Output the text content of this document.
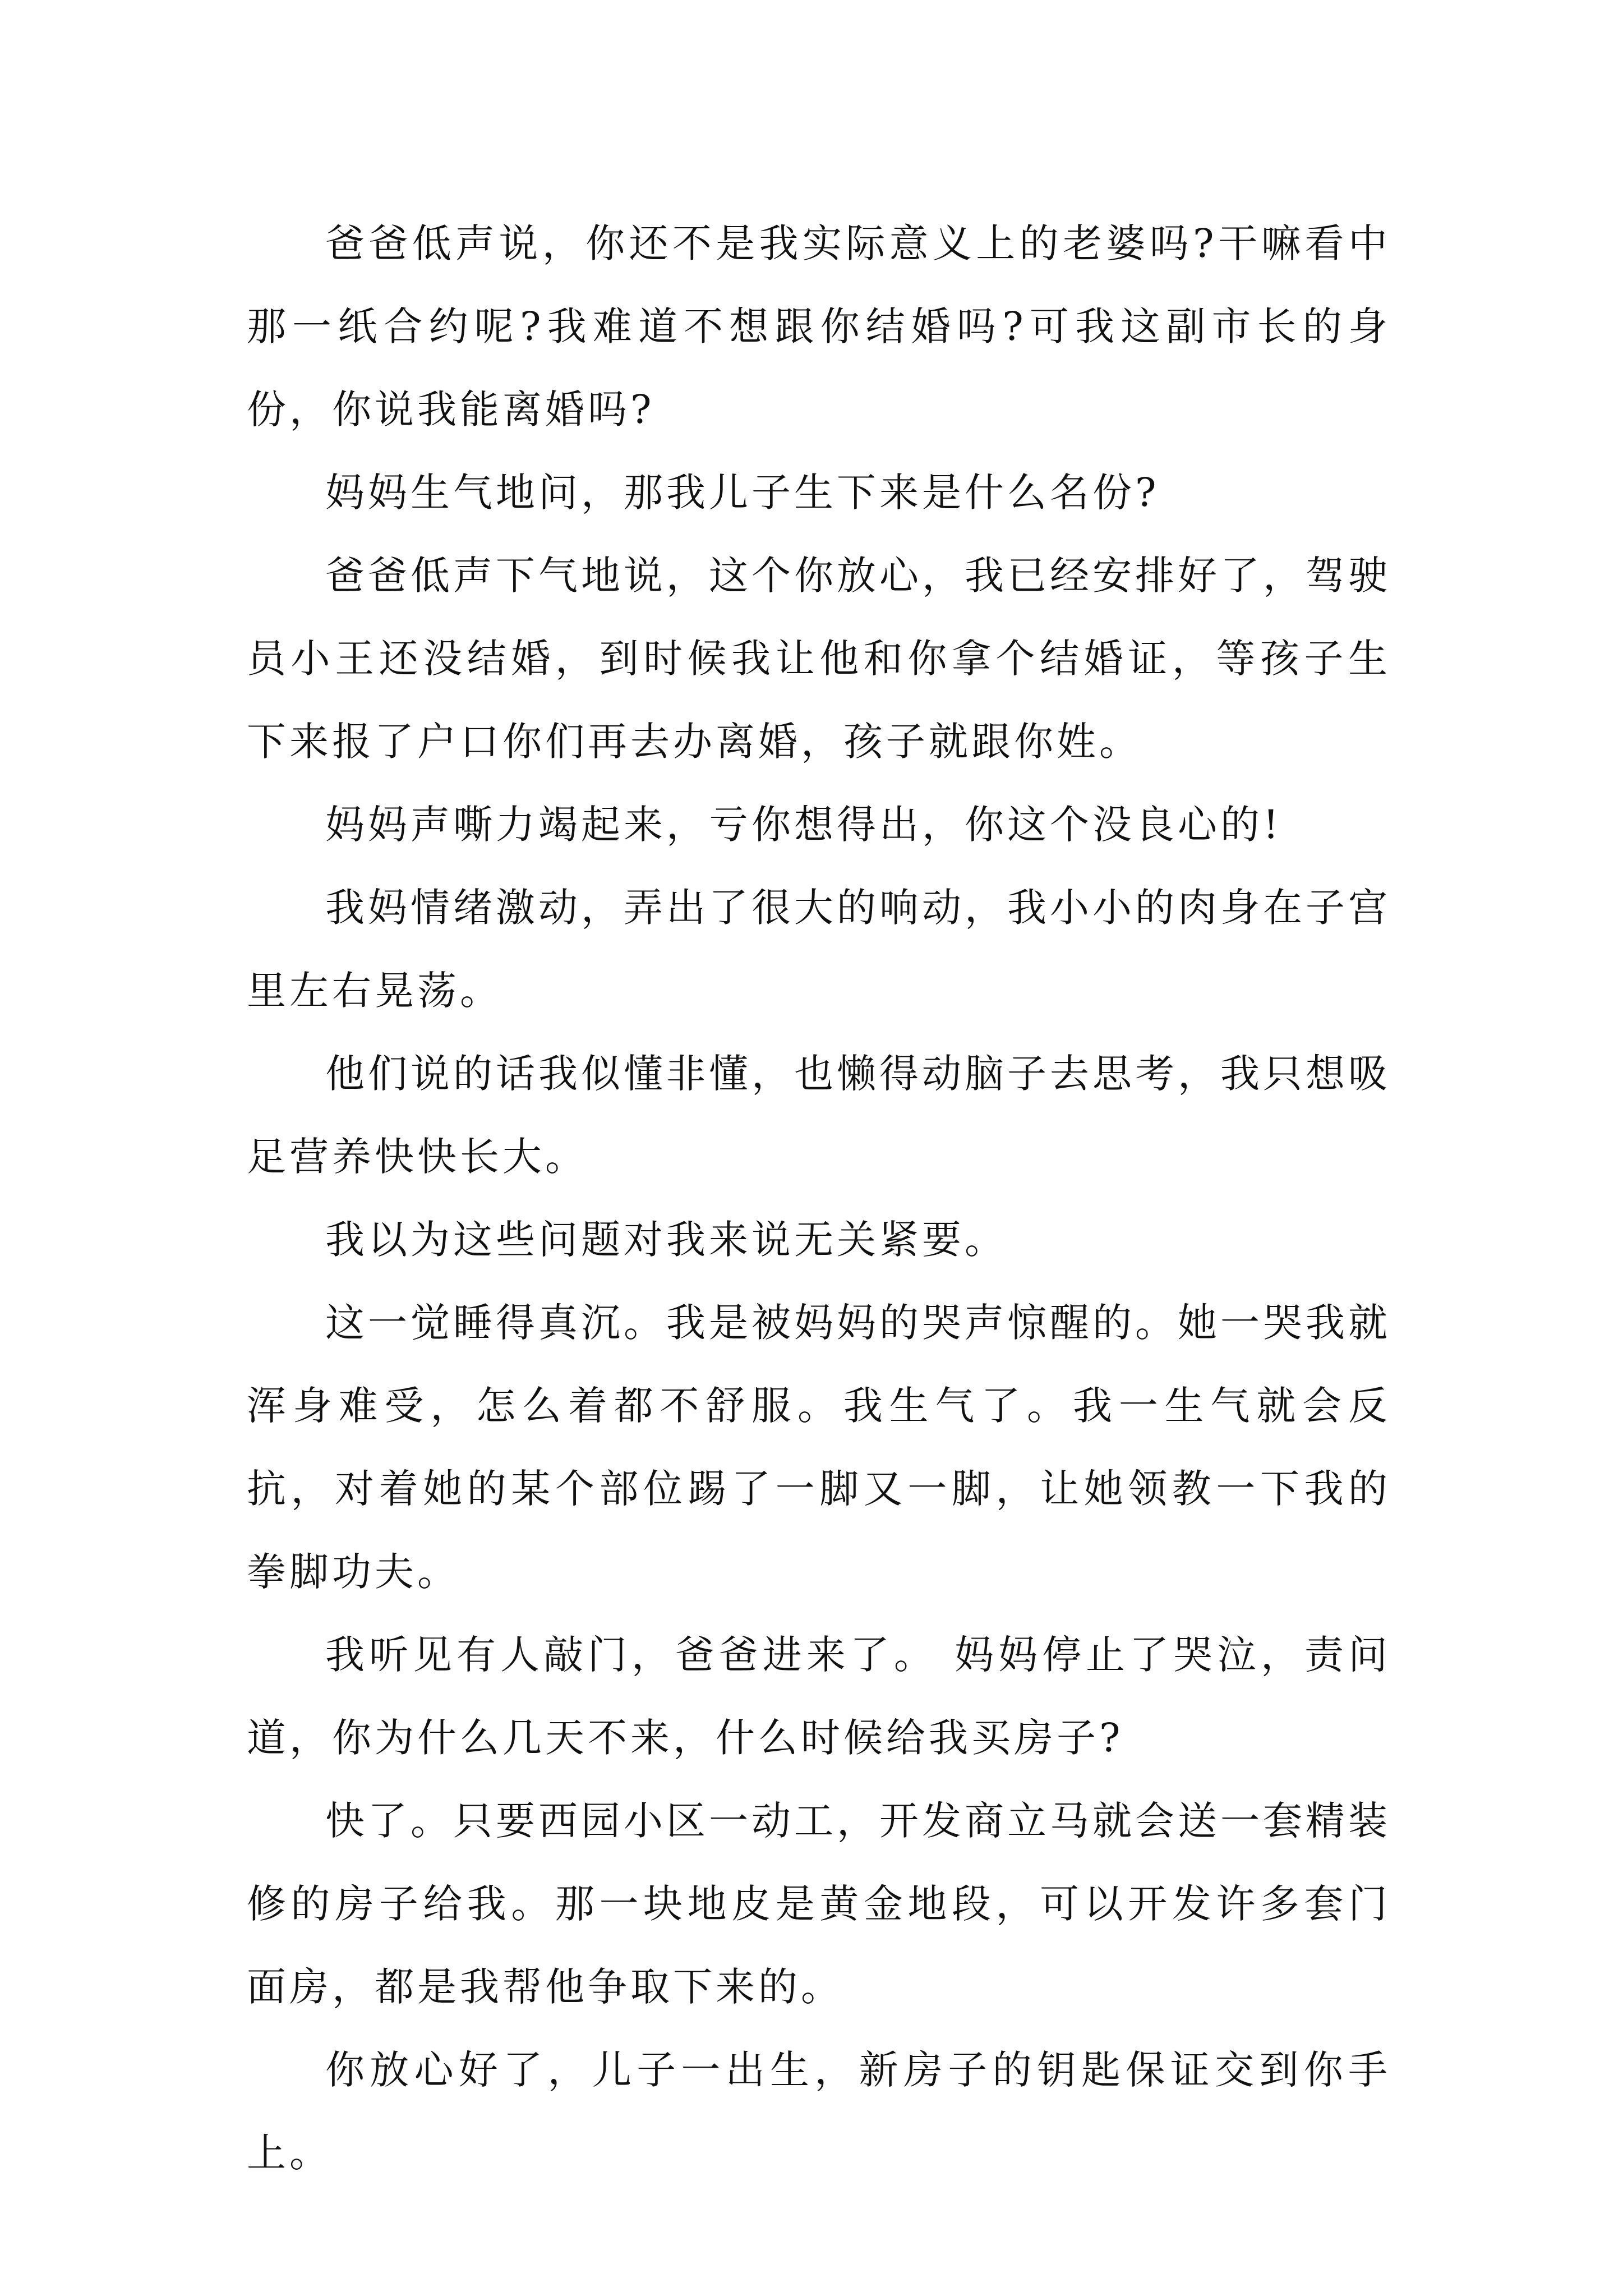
爸爸低声说，你还不是我实际意义上的老婆吗?干嘛看中那一纸合约呢?我难道不想跟你结婚吗?可我这副市长的身份，你说我能离婚吗?

妈妈生气地问，那我儿子生下来是什么名份?

爸爸低声下气地说，这个你放心，我已经安排好了，驾驶员小王还没结婚，到时候我让他和你拿个结婚证，等孩子生下来报了户口你们再去办离婚，孩子就跟你姓。

妈妈声嘶力竭起来，亏你想得出，你这个没良心的!

我妈情绪激动，弄出了很大的响动，我小小的肉身在子宫里左右晃荡。

他们说的话我似懂非懂，也懒得动脑子去思考，我只想吸足营养快快长大。

我以为这些问题对我来说无关紧要。

这一觉睡得真沉。我是被妈妈的哭声惊醒的。她一哭我就浑身难受，怎么着都不舒服。我生气了。我一生气就会反抗，对着她的某个部位踢了一脚又一脚，让她领教一下我的拳脚功夫。

我听见有人敲门，爸爸进来了。 妈妈停止了哭泣，责问道，你为什么几天不来，什么时候给我买房子?

快了。只要西园小区一动工，开发商立马就会送一套精装修的房子给我。那一块地皮是黄金地段，可以开发许多套门面房，都是我帮他争取下来的。

你放心好了，儿子一出生，新房子的钥匙保证交到你手上。
